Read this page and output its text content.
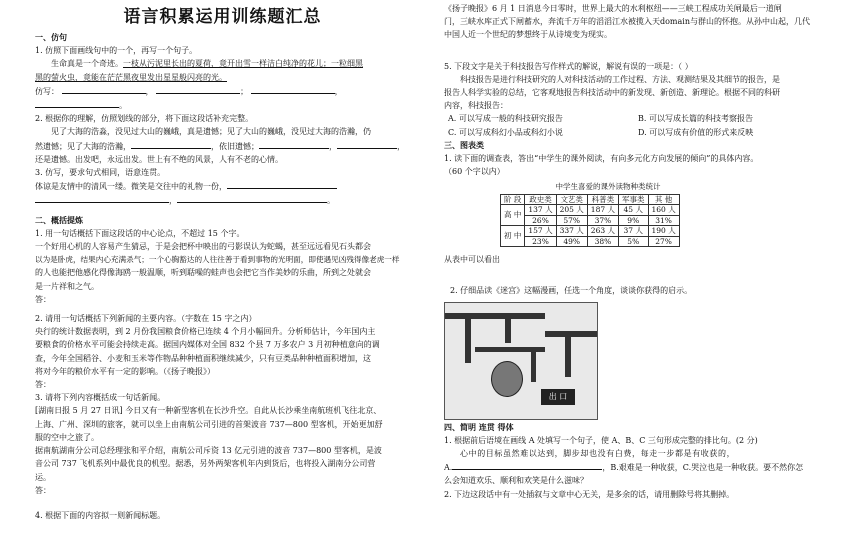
语言积累运用训练题汇总

一、仿句

1. 仿照下面画线句中的一个，再写一个句子。

生命真是一个奇迹。一枝从污泥里长出的夏荷，竟开出雪一样洁白纯净的花儿；一粒细黑

黑的萤火虫，竟能在茫茫黑夜里发出星星般闪亮的光。

仿写：	，	；	， 。

2. 根据你的理解，仿照划线的部分，将下面这段话补充完整。

见了大海的浩淼，没见过大山的巍峨，真是遗憾；见了大山的巍峨，没见过大海的浩瀚，仍

然遗憾；见了大海的浩瀚，	，依旧遗憾；	，	，

还是遗憾。出发吧，永远出发。世上有不绝的风景，人有不老的心情。

3. 仿写，要求句式相同，语意连贯。

体谅是友情中的清风一缕。微笑是交往中的礼物一份，

，	。

二、概括提炼

1. 用一句话概括下面这段话的中心论点，不超过 15 个字。

一个好用心机的人容易产生猜忌，于是会把杯中映出的弓影误认为蛇蝎，甚至远远看见石头都会

以为是卧虎，结果内心充满杀气；一个心胸豁达的人往往善于看到事物的光明面，即使遇见凶残得像老虎一样

的人也能把他感化得像海鸥一般温顺，听到聒噪的蛙声也会把它当作美妙的乐曲，所到之处就会

是一片祥和之气。

答：

2. 请用一句话概括下列新闻的主要内容。（字数在 15 字之内）

央行的统计数据表明，到 2 月份我国粮食价格已连续 4 个月小幅回升。分析师估计，今年国内主

要粮食的价格水平可能会持续走高。据国内媒体对全国 832 个县 7 万多农户 3 月初种植意向的调

查，今年全国稻谷、小麦和玉米等作物品种种植面积继续减少，只有豆类品种种植面积增加，这

将对今年的粮价水平有一定的影响。（《扬子晚报》）

答：

3. 请将下列内容概括成一句话新闻。

[湖南日报 5 月 27 日讯] 今日又有一种新型客机在长沙升空。自此从长沙乘坐南航班机飞往北京、

上海、广州、深圳的旅客，就可以坐上由南航公司引进的首架波音 737—800 型客机，开始更加舒

服的空中之旅了。

据南航湖南分公司总经理张和平介绍，南航公司斥资 13 亿元引进的波音 737—800 型客机，是波

音公司 737 飞机系列中最优良的机型。据悉，另外两架客机年内到货后，也将投入湖南分公司营

运。

答：

4. 根据下面的内容拟一则新闻标题。

《扬子晚报》6 月 1 日消息今日零时，世界上最大的水利枢纽——三峡工程成功关闸最后一道闸

门，三峡水库正式下闸蓄水，奔流千万年的滔滔江水被揽入天domain与群山的怀抱。从孙中山起，几代

中国人近一个世纪的梦想终于从诗境变为现实。

5. 下段文字是关于科技报告写作样式的解说，解说有误的一项是：（ ）

科技报告是进行科技研究的人对科技活动的工作过程、方法、观测结果及其细节的报告，是

报告人科学实验的总结，它客观地报告科技活动中的新发现、新创造、新理论。根据不同的科研

内容，科技报告：

A. 可以写成一般的科技研究报告	B. 可以写成长篇的科技考察报告
C. 可以写成科幻小品或科幻小说	D. 可以写成有价值的形式来反映

三、图表类

1. 读下面的调查表，答出“中学生的课外阅读，有向多元化方向发展的倾向”的具体内容。

（60 个字以内）

中学生喜爱的课外读物种类统计

阶 段	政史类	文艺类	科普类	军事类	其 他
高 中	137 人	205 人	187 人	45 人	160 人
	26%	57%	37%	9%	31%
初 中	157 人	337 人	263 人	37 人	190 人
	23%	49%	38%	5%	27%

从表中可以看出

2. 仔细品读《迷宫》这幅漫画，任选一个角度，谈谈你获得的启示。

出 口

四、简明 连贯 得体

1. 根据前后语境在画线 A 处填写一个句子，使 A、B、C 三句形成完整的排比句。(2 分)

心中的目标虽然难以达到，脚步却也没有白费，每走一步都是有收获的，

A.	，B.艰难是一种收获，C.哭泣也是一种收获。要不然你怎

么会知道欢乐、顺利和欢笑是什么滋味？

2. 下边这段话中有一处插叙与文章中心无关，是多余的话，请用删除号将其删掉。
